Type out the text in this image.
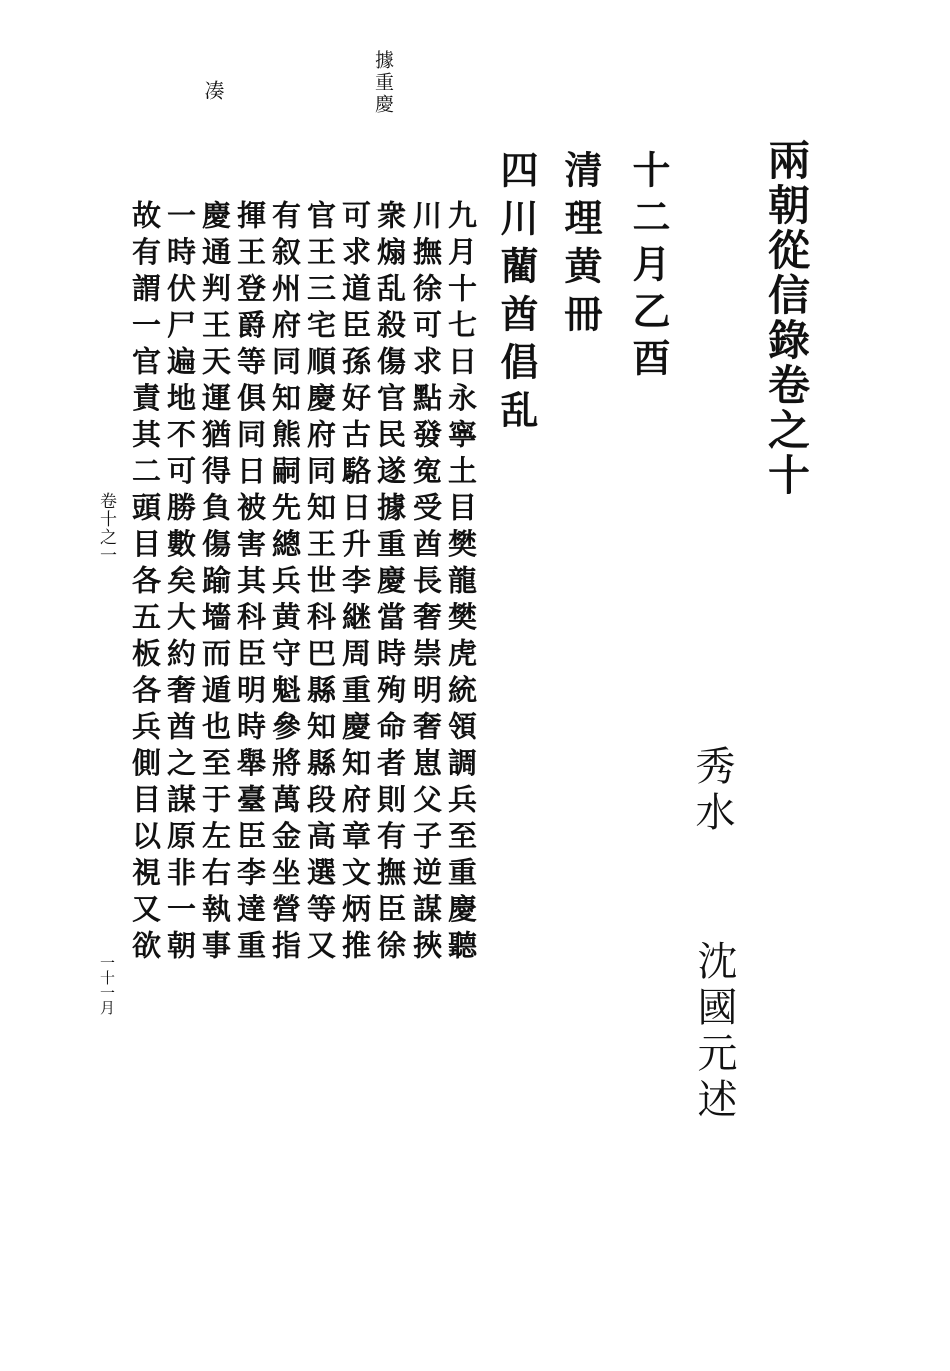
兩朝從信錄卷之十
秀水
沈國元述
十二月乙酉
清理黄冊
四川藺酋倡乱
據重慶
凑
九月十七日永寧土目樊龍樊虎統領調兵至重慶聽
川撫徐可求點發寃受酋長奢崇明奢崽父子逆謀挾
衆煽乱殺傷官民遂據重慶當時殉命者則有撫臣徐
可求道臣孫好古駱日升李継周重慶知府章文炳推
官王三宅順慶府同知王世科巴縣知縣段高選等又
有叙州府同知熊嗣先總兵黄守魁參將萬金坐營指
揮王登爵等俱同日被害其科臣明時舉臺臣李達重
慶通判王天運猶得負傷踰墻而遁也至于左右執事
一時伏尸遍地不可勝數矣大約奢酋之謀原非一朝
故有謂一官責其二頭目各五板各兵側目以視又欲
卷十之一
一十一月
